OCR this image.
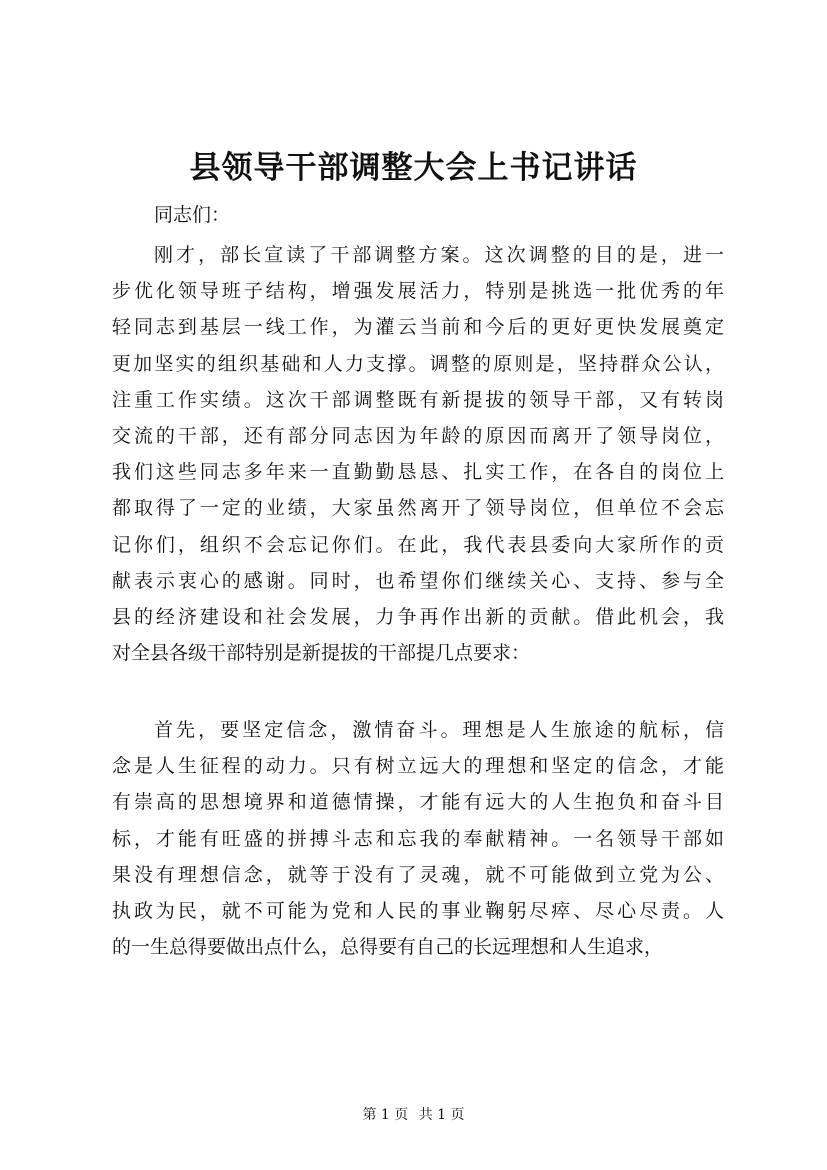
县领导干部调整大会上书记讲话
同志们：
刚才，部长宣读了干部调整方案。这次调整的目的是，进一
步优化领导班子结构，增强发展活力，特别是挑选一批优秀的年
轻同志到基层一线工作，为灌云当前和今后的更好更快发展奠定
更加坚实的组织基础和人力支撑。调整的原则是，坚持群众公认，
注重工作实绩。这次干部调整既有新提拔的领导干部，又有转岗
交流的干部，还有部分同志因为年龄的原因而离开了领导岗位，
我们这些同志多年来一直勤勤恳恳、扎实工作，在各自的岗位上
都取得了一定的业绩，大家虽然离开了领导岗位，但单位不会忘
记你们，组织不会忘记你们。在此，我代表县委向大家所作的贡
献表示衷心的感谢。同时，也希望你们继续关心、支持、参与全
县的经济建设和社会发展，力争再作出新的贡献。借此机会，我
对全县各级干部特别是新提拔的干部提几点要求：
首先，要坚定信念，激情奋斗。理想是人生旅途的航标，信
念是人生征程的动力。只有树立远大的理想和坚定的信念，才能
有崇高的思想境界和道德情操，才能有远大的人生抱负和奋斗目
标，才能有旺盛的拼搏斗志和忘我的奉献精神。一名领导干部如
果没有理想信念，就等于没有了灵魂，就不可能做到立党为公、
执政为民，就不可能为党和人民的事业鞠躬尽瘁、尽心尽责。人
的一生总得要做出点什么，总得要有自己的长远理想和人生追求，
第 1 页 共 1 页
